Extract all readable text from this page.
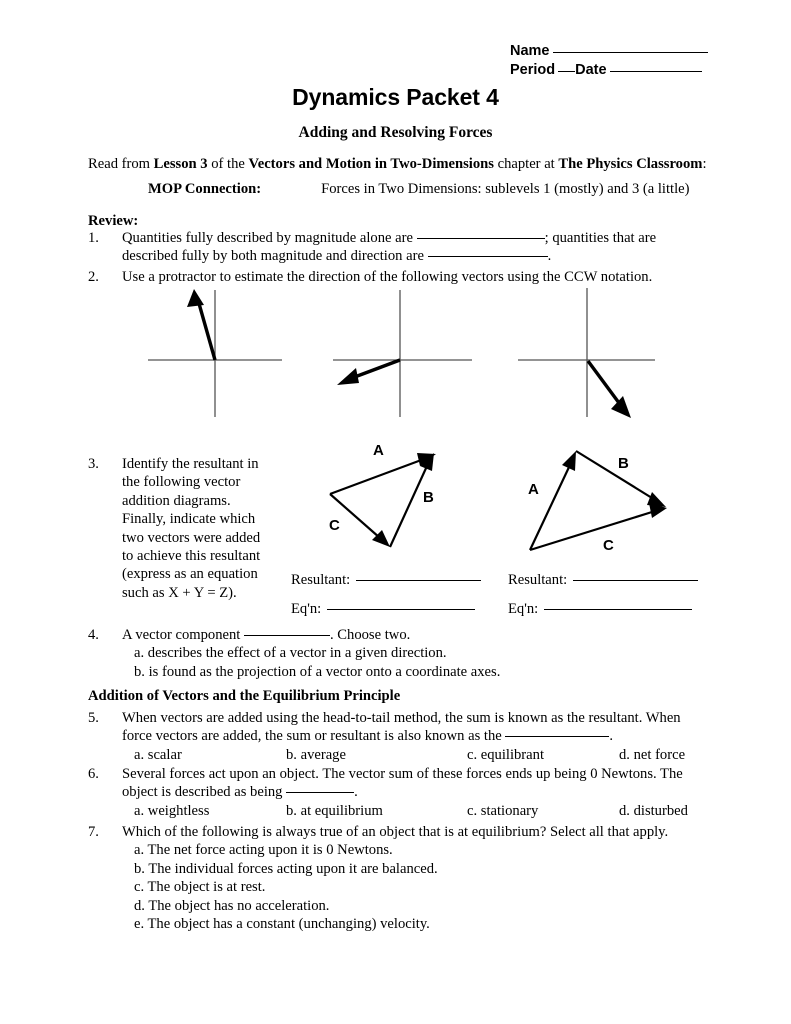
Name
Period Date
Dynamics Packet 4
Adding and Resolving Forces
Read from Lesson 3 of the Vectors and Motion in Two-Dimensions chapter at The Physics Classroom:
MOP Connection:	Forces in Two Dimensions: sublevels 1 (mostly) and 3 (a little)
Review:
1.	Quantities fully described by magnitude alone are	; quantities that are
described fully by both magnitude and direction are	.
2.	Use a protractor to estimate the direction of the following vectors using the CCW notation.
3.	Identify the resultant in
the following vector
addition diagrams.
Finally, indicate which
two vectors were added
to achieve this resultant
(express as an equation
such as X + Y = Z).
A
B
C
A
B
C
Resultant:
Eq'n:
Resultant:
Eq'n:
4.	A vector component	. Choose two.
a. describes the effect of a vector in a given direction.
b. is found as the projection of a vector onto a coordinate axes.
Addition of Vectors and the Equilibrium Principle
5.	When vectors are added using the head-to-tail method, the sum is known as the resultant. When
force vectors are added, the sum or resultant is also known as the	.
a. scalar	b. average	c. equilibrant	d. net force
6.	Several forces act upon an object. The vector sum of these forces ends up being 0 Newtons. The
object is described as being	.
a. weightless	b. at equilibrium	c. stationary	d. disturbed
7.	Which of the following is always true of an object that is at equilibrium? Select all that apply.
a. The net force acting upon it is 0 Newtons.
b. The individual forces acting upon it are balanced.
c. The object is at rest.
d. The object has no acceleration.
e. The object has a constant (unchanging) velocity.
